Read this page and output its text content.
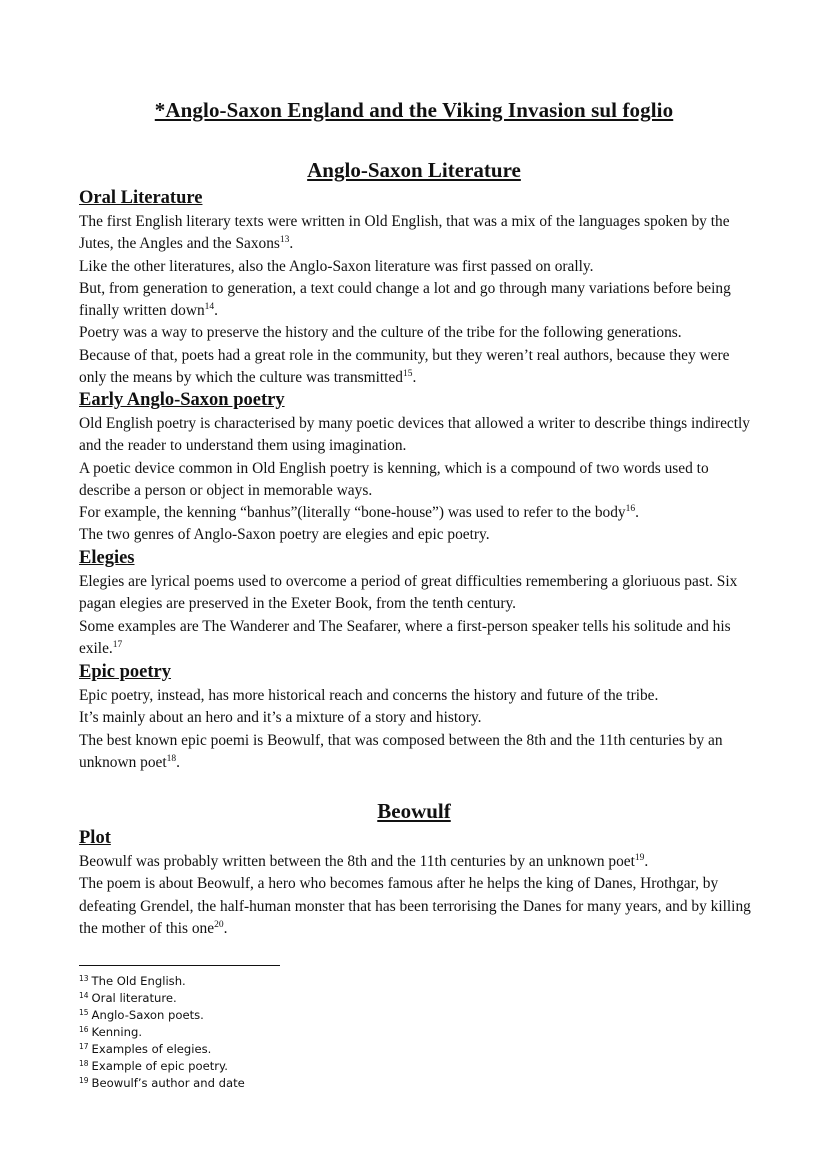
*Anglo-Saxon England and the Viking Invasion sul foglio
Anglo-Saxon Literature
Oral Literature

The first English literary texts were written in Old English, that was a mix of the languages spoken by the Jutes, the Angles and the Saxons$^{13}$.

Like the other literatures, also the Anglo-Saxon literature was first passed on orally.

But, from generation to generation, a text could change a lot and go through many variations before being finally written down$^{14}$.

Poetry was a way to preserve the history and the culture of the tribe for the following generations.

Because of that, poets had a great role in the community, but they weren’t real authors, because they were only the means by which the culture was transmitted$^{15}$.

Early Anglo-Saxon poetry

Old English poetry is characterised by many poetic devices that allowed a writer to describe things indirectly and the reader to understand them using imagination.

A poetic device common in Old English poetry is kenning, which is a compound of two words used to describe a person or object in memorable ways.

For example, the kenning “banhus”(literally “bone-house”) was used to refer to the body$^{16}$.

The two genres of Anglo-Saxon poetry are elegies and epic poetry.

Elegies

Elegies are lyrical poems used to overcome a period of great difficulties remembering a gloriuous past. Six pagan elegies are preserved in the Exeter Book, from the tenth century.

Some examples are The Wanderer and The Seafarer, where a first-person speaker tells his solitude and his exile.$^{17}$

Epic poetry

Epic poetry, instead, has more historical reach and concerns the history and future of the tribe.

It’s mainly about an hero and it’s a mixture of a story and history.

The best known epic poemi is Beowulf, that was composed between the 8th and the 11th centuries by an unknown poet$^{18}$.

Beowulf
Plot

Beowulf was probably written between the 8th and the 11th centuries by an unknown poet$^{19}$.

The poem is about Beowulf, a hero who becomes famous after he helps the king of Danes, Hrothgar, by defeating Grendel, the half-human monster that has been terrorising the Danes for many years, and by killing the mother of this one$^{20}$.

$^{13}$ The Old English.
$^{14}$ Oral literature.
$^{15}$ Anglo-Saxon poets.
$^{16}$ Kenning.
$^{17}$ Examples of elegies.
$^{18}$ Example of epic poetry.
$^{19}$ Beowulf’s author and date
